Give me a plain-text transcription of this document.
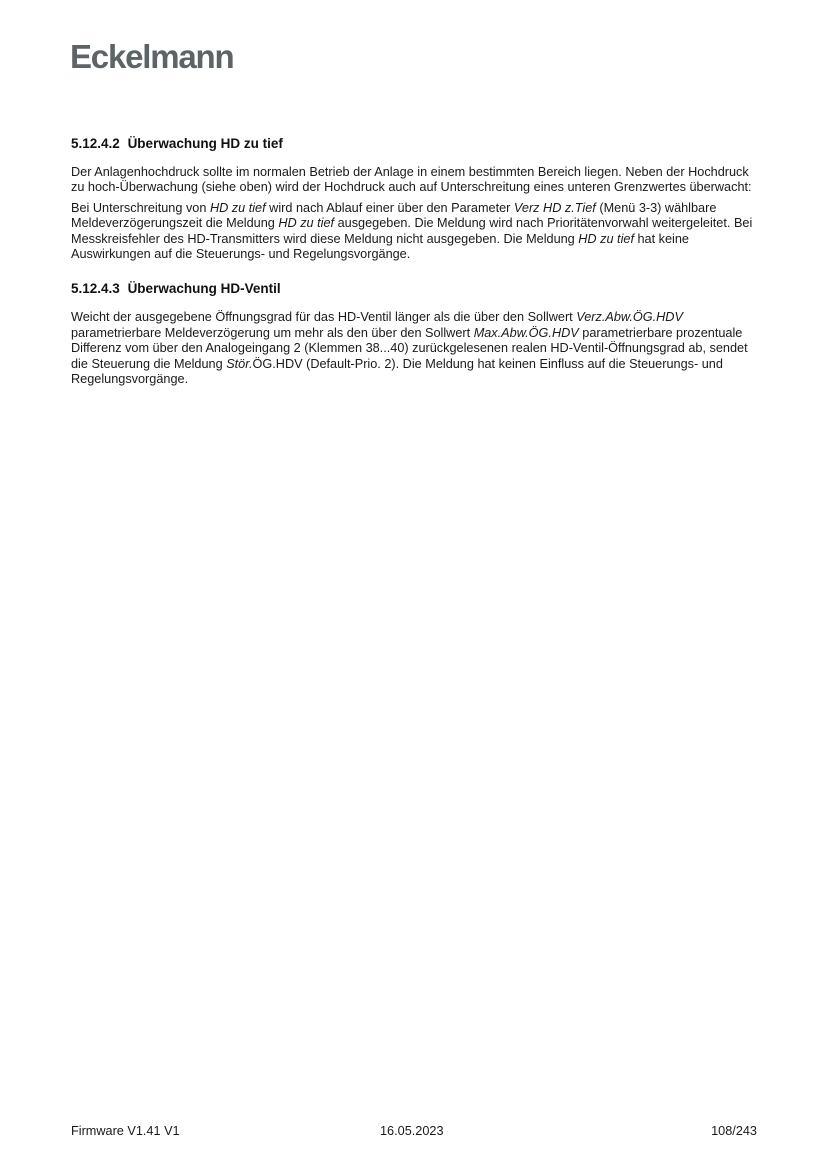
Eckelmann
5.12.4.2 Überwachung HD zu tief

Der Anlagenhochdruck sollte im normalen Betrieb der Anlage in einem bestimmten Bereich liegen. Neben der Hochdruck zu hoch-Überwachung (siehe oben) wird der Hochdruck auch auf Unterschreitung eines unteren Grenzwertes überwacht:

Bei Unterschreitung von HD zu tief wird nach Ablauf einer über den Parameter Verz HD z.Tief (Menü 3-3) wählbare Meldeverzögerungszeit die Meldung HD zu tief ausgegeben. Die Meldung wird nach Prioritätenvorwahl weitergeleitet. Bei Messkreisfehler des HD-Transmitters wird diese Meldung nicht ausgegeben. Die Meldung HD zu tief hat keine Auswirkungen auf die Steuerungs- und Regelungsvorgänge.

5.12.4.3 Überwachung HD-Ventil

Weicht der ausgegebene Öffnungsgrad für das HD-Ventil länger als die über den Sollwert Verz.Abw.ÖG.HDV parametrierbare Meldeverzögerung um mehr als den über den Sollwert Max.Abw.ÖG.HDV parametrierbare prozentuale Differenz vom über den Analogeingang 2 (Klemmen 38...40) zurückgelesenen realen HD-Ventil-Öffnungsgrad ab, sendet die Steuerung die Meldung Stör.ÖG.HDV (Default-Prio. 2). Die Meldung hat keinen Einfluss auf die Steuerungs- und Regelungsvorgänge.

Firmware V1.41 V1	16.05.2023	108/243
